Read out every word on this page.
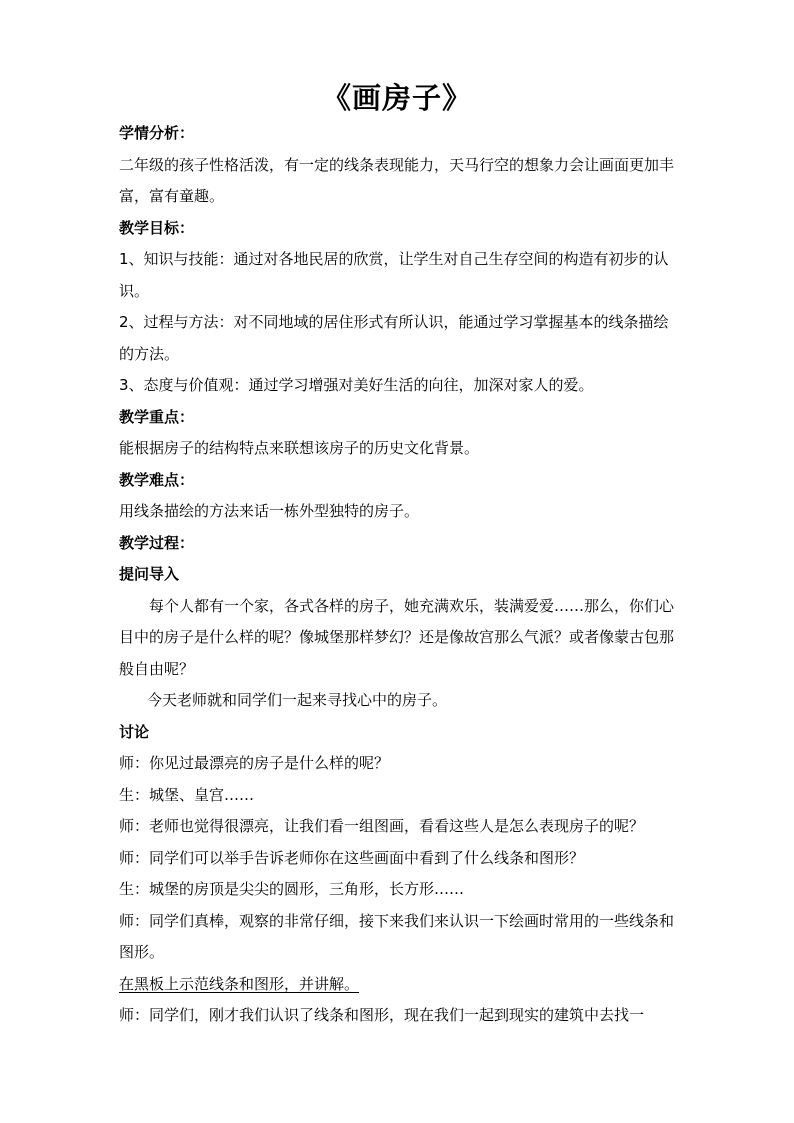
《画房子》

学情分析：

二年级的孩子性格活泼，有一定的线条表现能力，天马行空的想象力会让画面更加丰富，富有童趣。

教学目标：

1、知识与技能：通过对各地民居的欣赏，让学生对自己生存空间的构造有初步的认识。

2、过程与方法：对不同地域的居住形式有所认识，能通过学习掌握基本的线条描绘的方法。

3、态度与价值观：通过学习增强对美好生活的向往，加深对家人的爱。

教学重点：

能根据房子的结构特点来联想该房子的历史文化背景。

教学难点：

用线条描绘的方法来话一栋外型独特的房子。

教学过程：

提问导入

每个人都有一个家，各式各样的房子，她充满欢乐，装满爱爱……那么，你们心目中的房子是什么样的呢？像城堡那样梦幻？还是像故宫那么气派？或者像蒙古包那般自由呢？

今天老师就和同学们一起来寻找心中的房子。

讨论

师：你见过最漂亮的房子是什么样的呢？

生：城堡、皇宫……

师：老师也觉得很漂亮，让我们看一组图画，看看这些人是怎么表现房子的呢？

师：同学们可以举手告诉老师你在这些画面中看到了什么线条和图形？

生：城堡的房顶是尖尖的圆形，三角形，长方形……

师：同学们真棒，观察的非常仔细，接下来我们来认识一下绘画时常用的一些线条和图形。

在黑板上示范线条和图形，并讲解。

师：同学们，刚才我们认识了线条和图形，现在我们一起到现实的建筑中去找一
